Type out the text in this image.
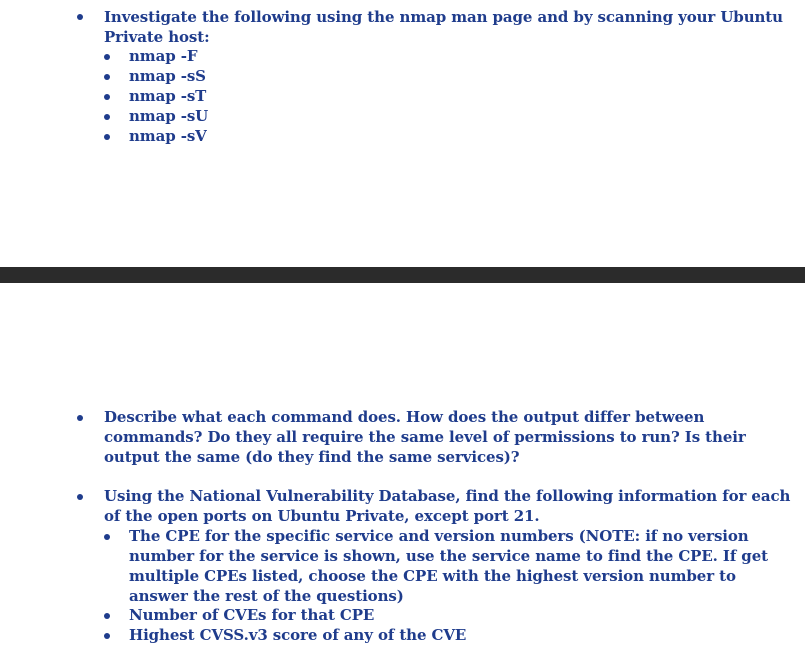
Investigate the following using the nmap man page and by scanning your Ubuntu
Private host:
nmap -F
nmap -sS
nmap -sT
nmap -sU
nmap -sV
Describe what each command does. How does the output differ between
commands? Do they all require the same level of permissions to run? Is their
output the same (do they find the same services)?
Using the National Vulnerability Database, find the following information for each
of the open ports on Ubuntu Private, except port 21.
The CPE for the specific service and version numbers (NOTE: if no version
number for the service is shown, use the service name to find the CPE. If get
multiple CPEs listed, choose the CPE with the highest version number to
answer the rest of the questions)
Number of CVEs for that CPE
Highest CVSS.v3 score of any of the CVE
